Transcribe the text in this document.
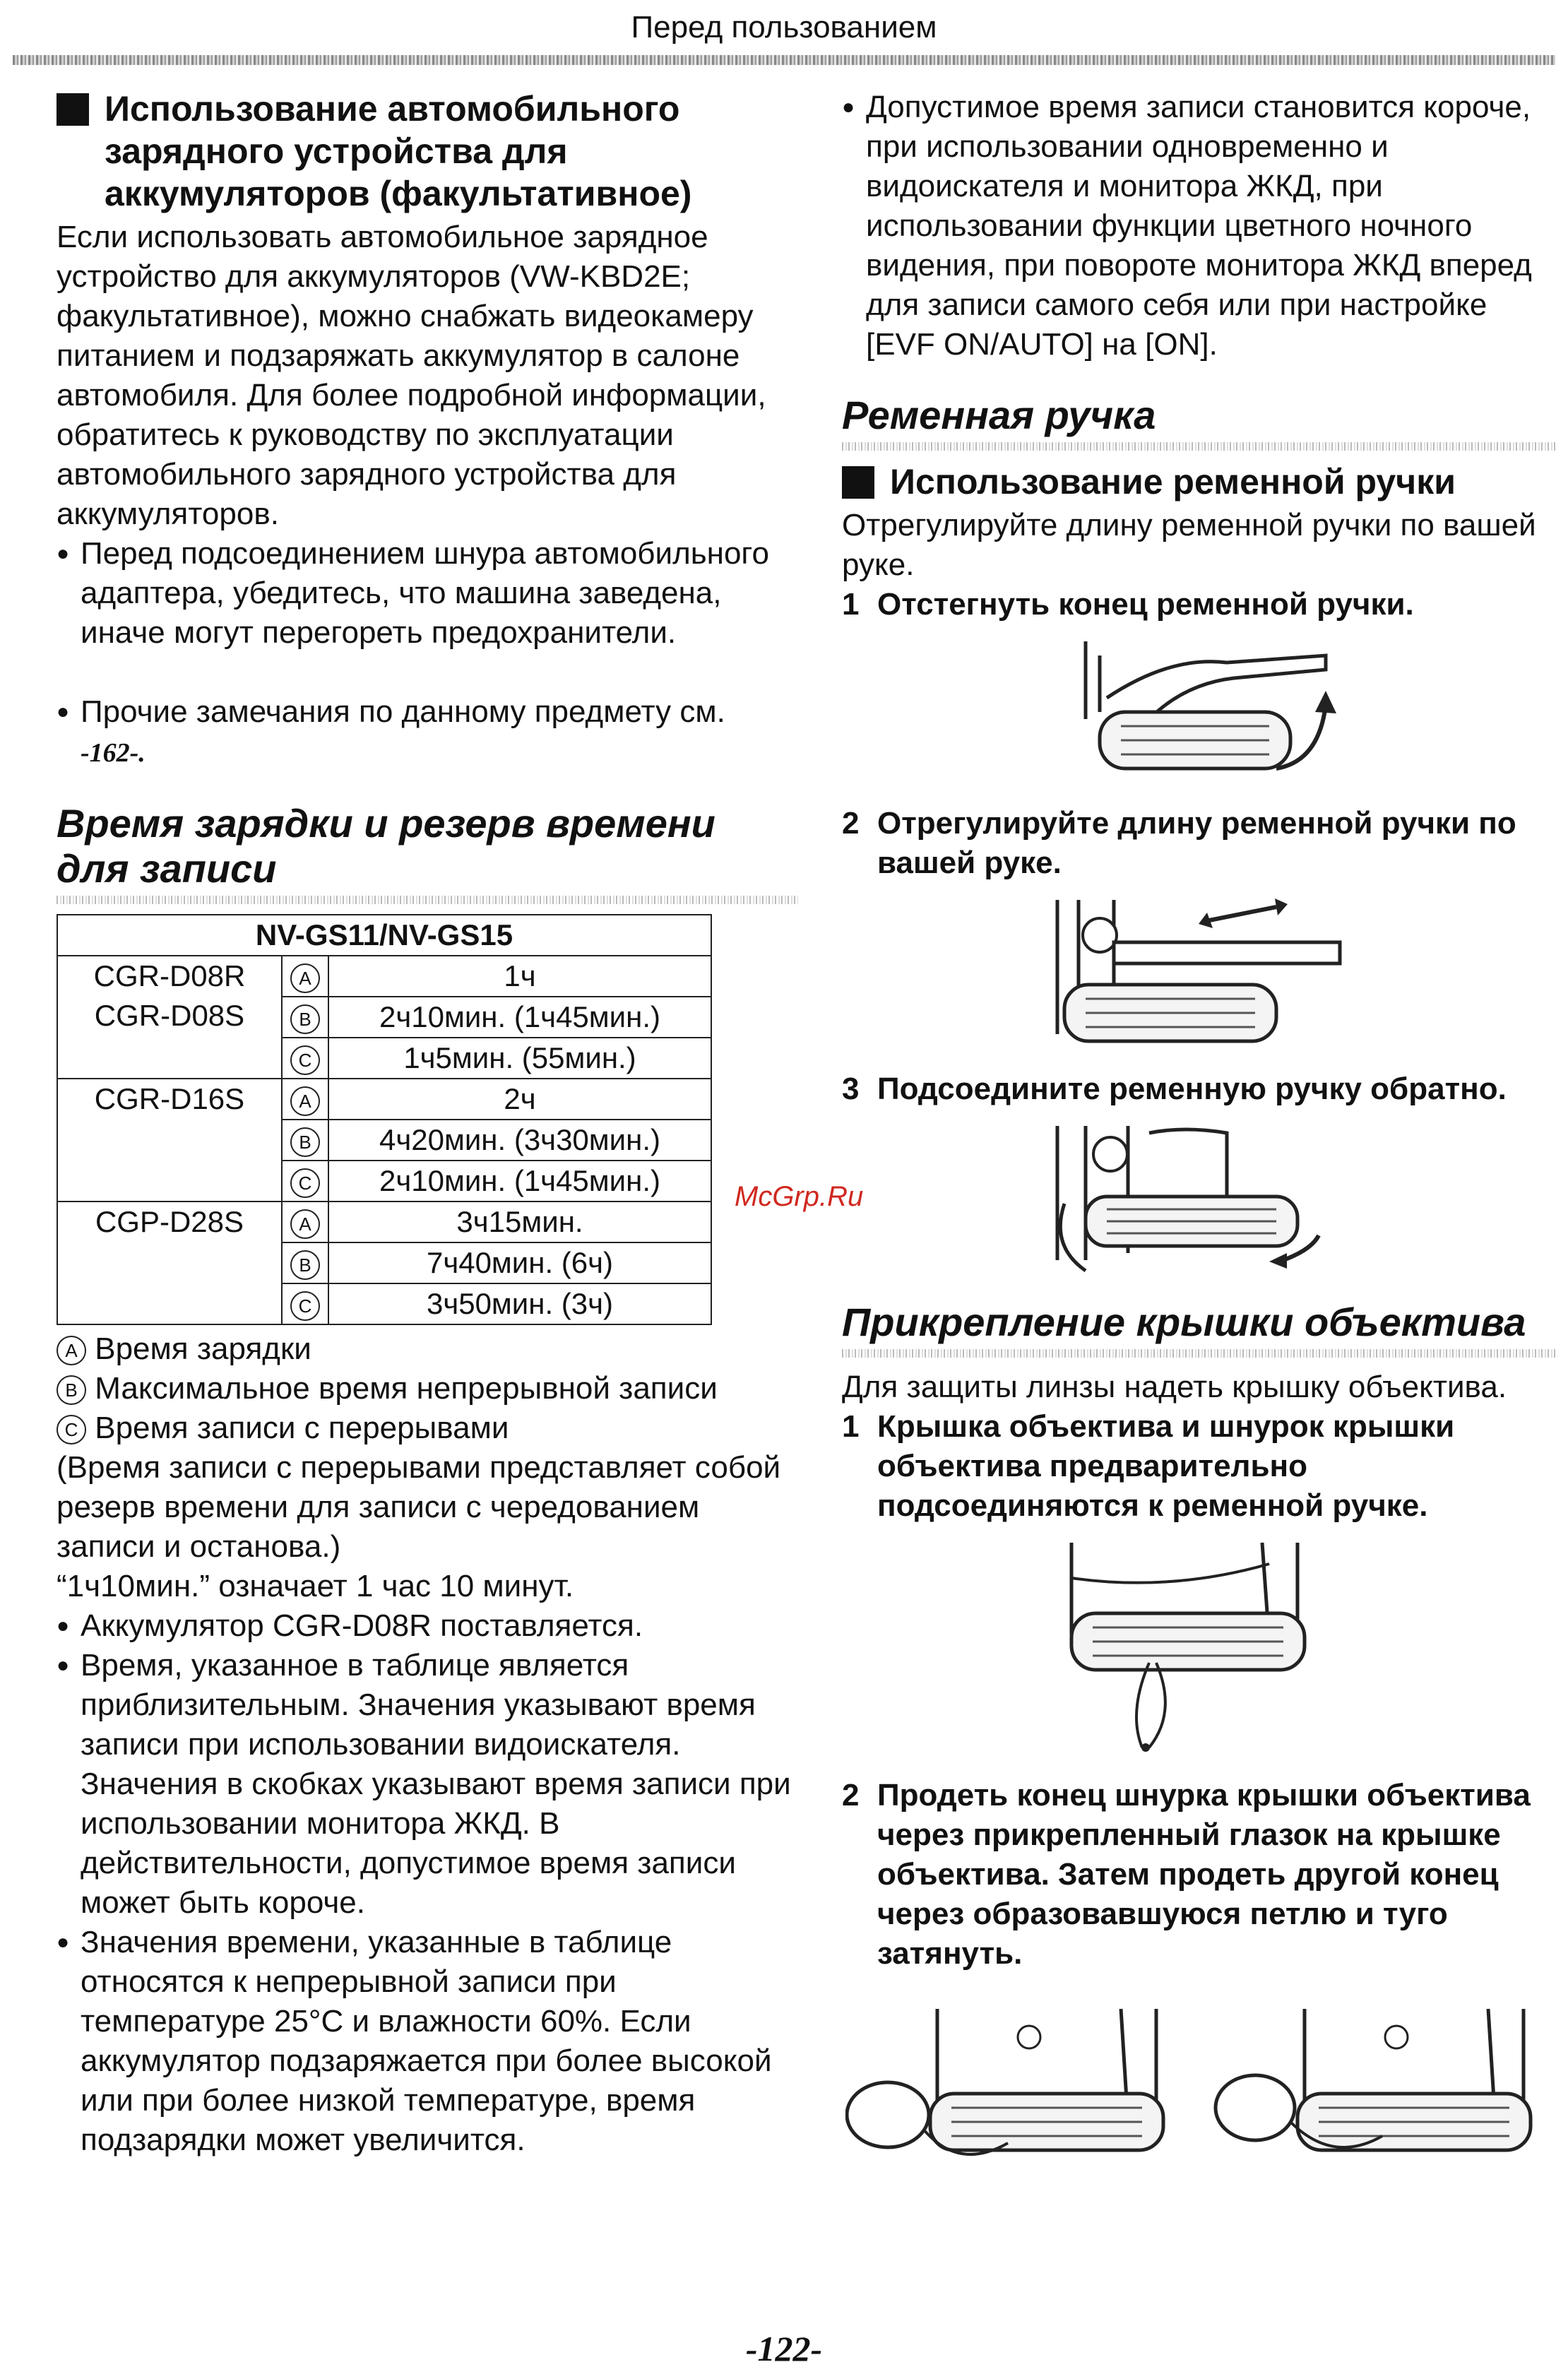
Перед пользованием
Использование автомобильного зарядного устройства для аккумуляторов (факультативное)

Если использовать автомобильное зарядное устройство для аккумуляторов (VW-KBD2E; факультативное), можно снабжать видеокамеру питанием и подзаряжать аккумулятор в салоне автомобиля. Для более подробной информации, обратитесь к руководству по эксплуатации автомобильного зарядного устройства для аккумуляторов.

● Перед подсоединением шнура автомобильного адаптера, убедитесь, что машина заведена, иначе могут перегореть предохранители.

● Прочие замечания по данному предмету см.
-162-.

Время зарядки и резерв времени для записи
NV-GS11/NV-GS15		
CGR-D08R
CGR-D08S	A	1ч
	B	2ч10мин. (1ч45мин.)
	C	1ч5мин. (55мин.)
CGR-D16S	A	2ч
	B	4ч20мин. (3ч30мин.)
	C	2ч10мин. (1ч45мин.)
CGP-D28S	A	3ч15мин.
	B	7ч40мин. (6ч)
	C	3ч50мин. (3ч)

A Время зарядки

B Максимальное время непрерывной записи

C Время записи с перерывами

(Время записи с перерывами представляет собой резерв времени для записи с чередованием записи и останова.)

“1ч10мин.” означает 1 час 10 минут.

● Аккумулятор CGR-D08R поставляется.

● Время, указанное в таблице является приблизительным. Значения указывают время записи при использовании видоискателя. Значения в скобках указывают время записи при использовании монитора ЖКД. В действительности, допустимое время записи может быть короче.

● Значения времени, указанные в таблице относятся к непрерывной записи при температуре 25°C и влажности 60%. Если аккумулятор подзаряжается при более высокой или при более низкой температуре, время подзарядки может увеличится.

McGrp.Ru

● Допустимое время записи становится короче, при использовании одновременно и видоискателя и монитора ЖКД, при использовании функции цветного ночного видения, при повороте монитора ЖКД вперед для записи самого себя или при настройке [EVF ON/AUTO] на [ON].

Ременная ручка
Использование ременной ручки

Отрегулируйте длину ременной ручки по вашей руке.

1 Отстегнуть конец ременной ручки.
2 Отрегулируйте длину ременной ручки по вашей руке.
3 Подсоедините ременную ручку обратно.
Прикрепление крышки объектива

Для защиты линзы надеть крышку объектива.

1 Крышка объектива и шнурок крышки объектива предварительно подсоединяются к ременной ручке.
2 Продеть конец шнурка крышки объектива через прикрепленный глазок на крышке объектива. Затем продеть другой конец через образовавшуюся петлю и туго затянуть.
-122-
